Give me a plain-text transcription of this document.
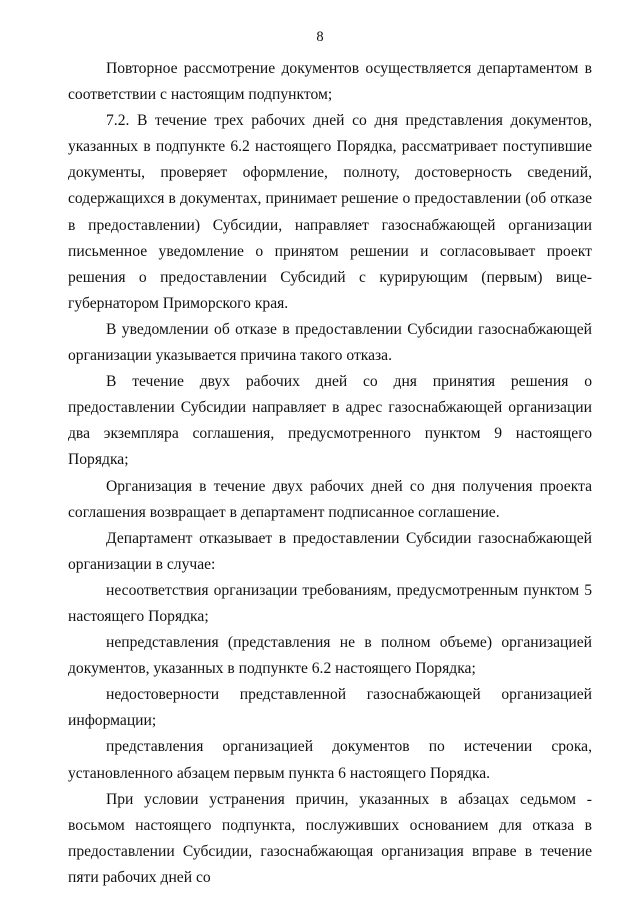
8

Повторное рассмотрение документов осуществляется департаментом в соответствии с настоящим подпунктом;

7.2. В течение трех рабочих дней со дня представления документов, указанных в подпункте 6.2 настоящего Порядка, рассматривает поступившие документы, проверяет оформление, полноту, достоверность сведений, содержащихся в документах, принимает решение о предоставлении (об отказе в предоставлении) Субсидии, направляет газоснабжающей организации письменное уведомление о принятом решении и согласовывает проект решения о предоставлении Субсидий с курирующим (первым) вице-губернатором Приморского края.

В уведомлении об отказе в предоставлении Субсидии газоснабжающей организации указывается причина такого отказа.

В течение двух рабочих дней со дня принятия решения о предоставлении Субсидии направляет в адрес газоснабжающей организации два экземпляра соглашения, предусмотренного пунктом 9 настоящего Порядка;

Организация в течение двух рабочих дней со дня получения проекта соглашения возвращает в департамент подписанное соглашение.

Департамент отказывает в предоставлении Субсидии газоснабжающей организации в случае:

несоответствия организации требованиям, предусмотренным пунктом 5 настоящего Порядка;

непредставления (представления не в полном объеме) организацией документов, указанных в подпункте 6.2 настоящего Порядка;

недостоверности представленной газоснабжающей организацией информации;

представления организацией документов по истечении срока, установленного абзацем первым пункта 6 настоящего Порядка.

При условии устранения причин, указанных в абзацах седьмом - восьмом настоящего подпункта, послуживших основанием для отказа в предоставлении Субсидии, газоснабжающая организация вправе в течение пяти рабочих дней со
